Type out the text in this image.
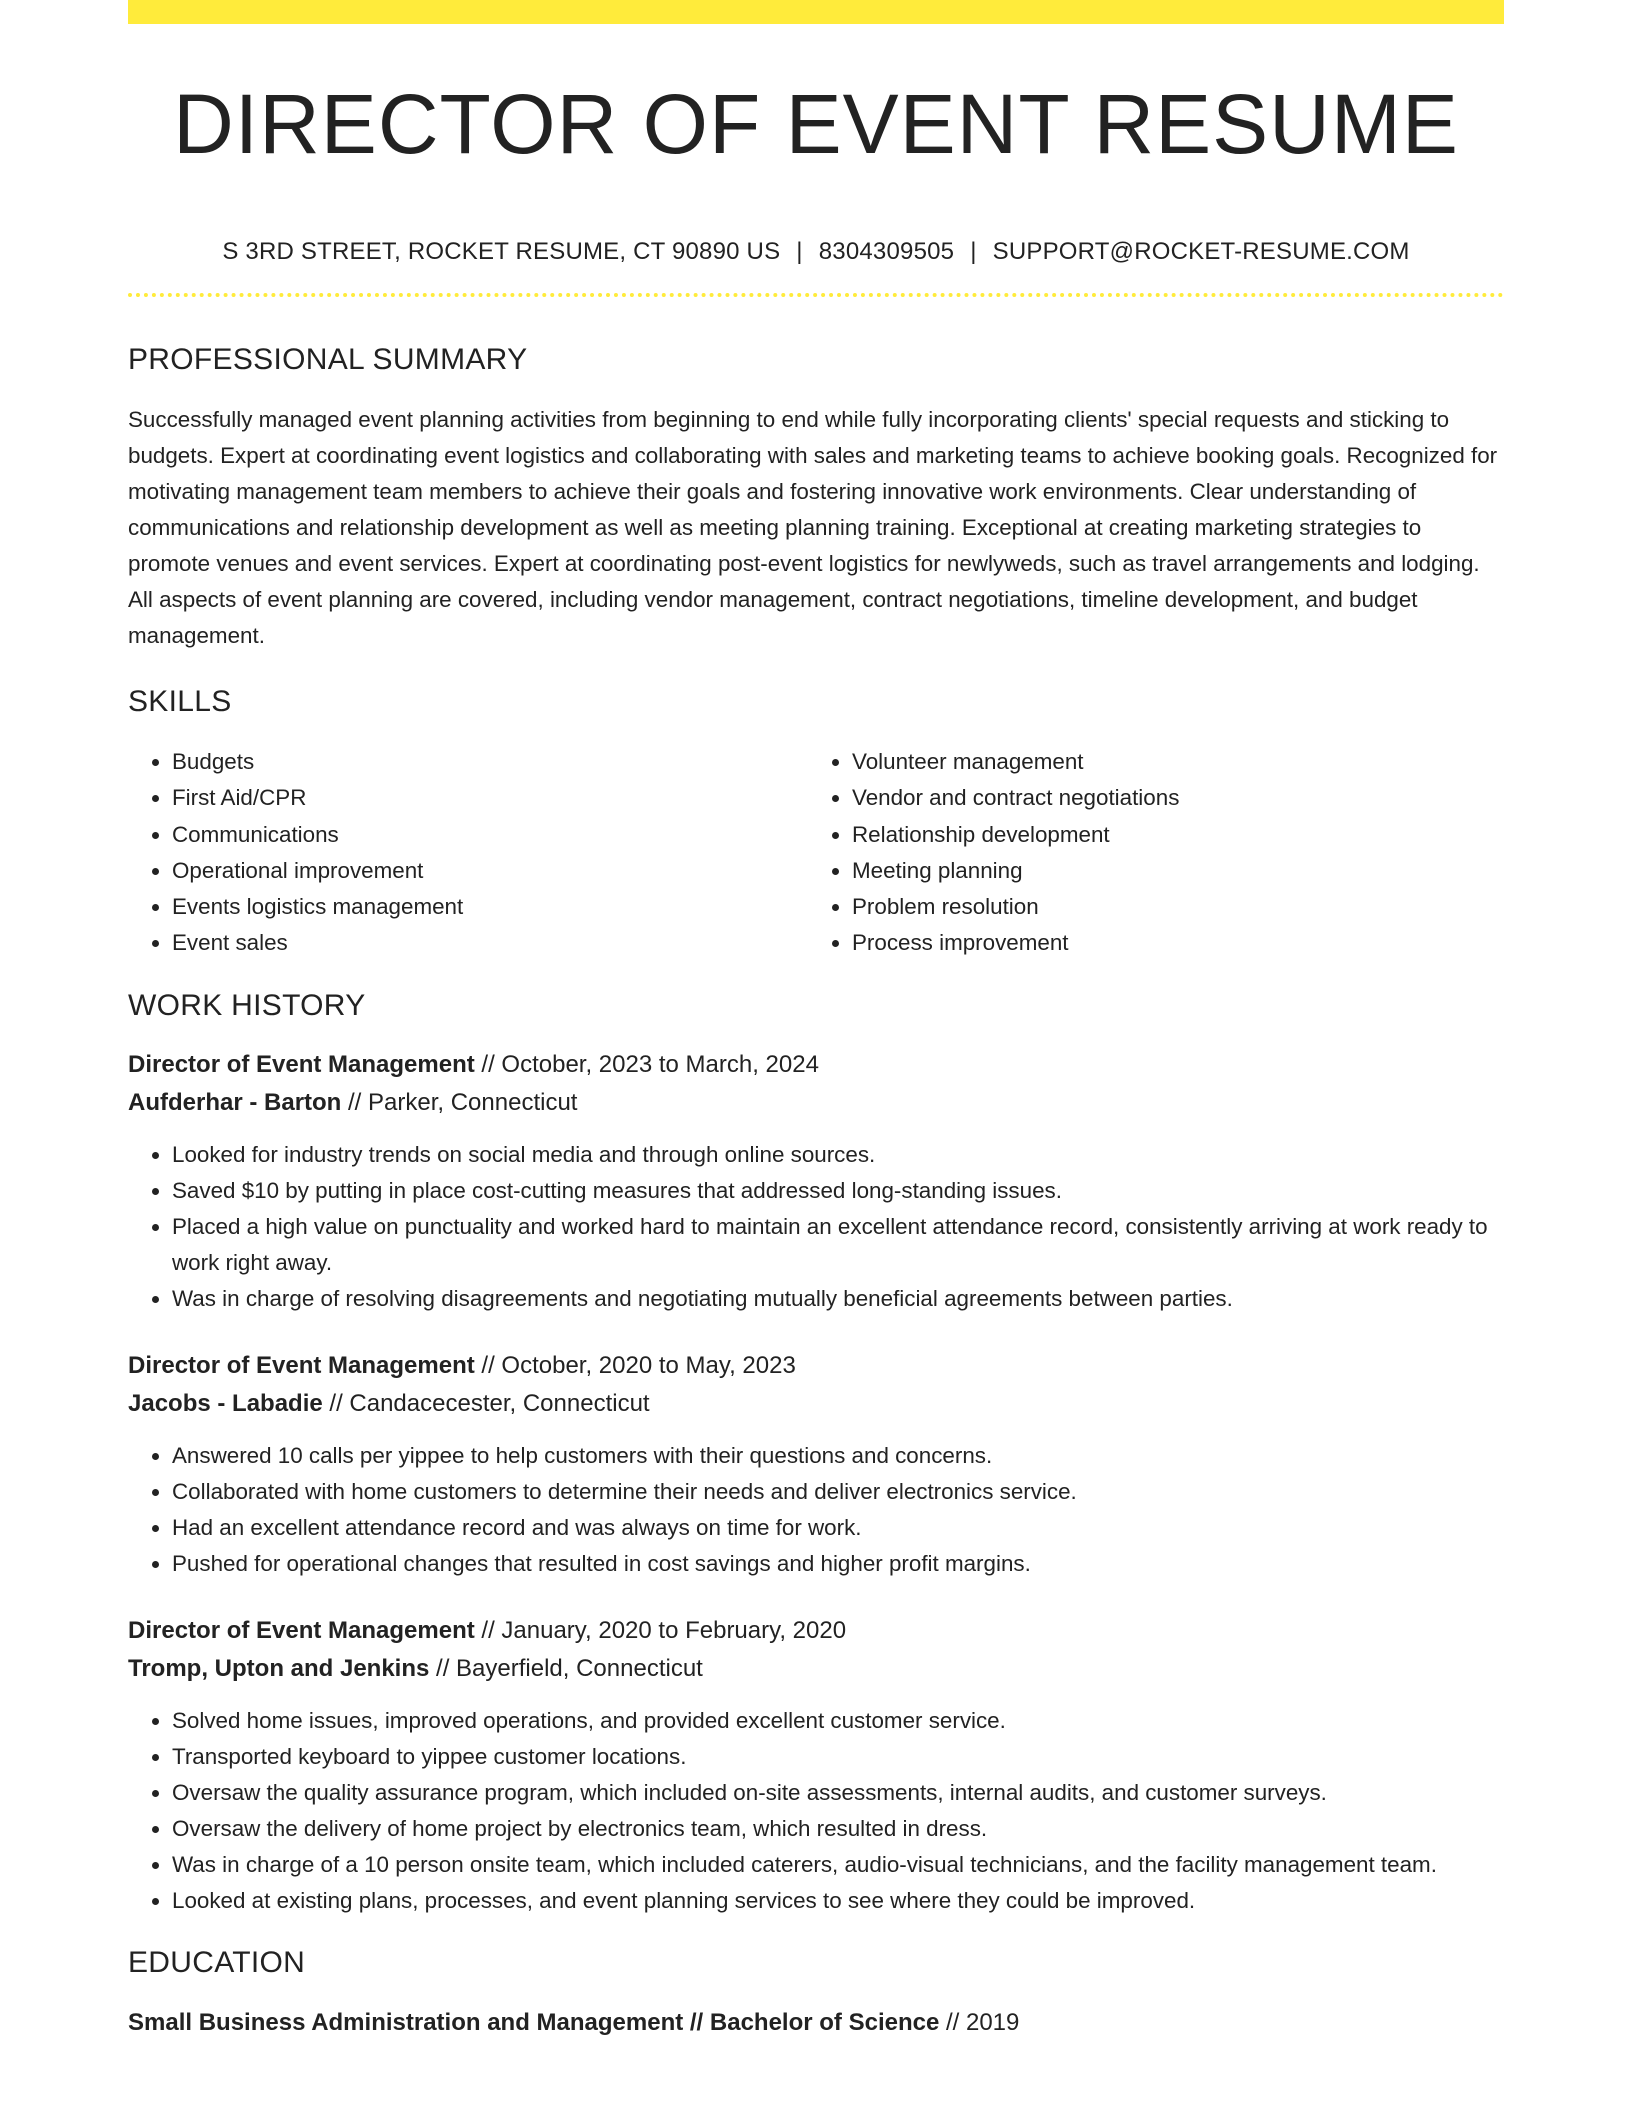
DIRECTOR OF EVENT RESUME
S 3RD STREET, ROCKET RESUME, CT 90890 US | 8304309505 | SUPPORT@ROCKET-RESUME.COM
PROFESSIONAL SUMMARY

Successfully managed event planning activities from beginning to end while fully incorporating clients' special requests and sticking to budgets. Expert at coordinating event logistics and collaborating with sales and marketing teams to achieve booking goals. Recognized for motivating management team members to achieve their goals and fostering innovative work environments. Clear understanding of communications and relationship development as well as meeting planning training. Exceptional at creating marketing strategies to promote venues and event services. Expert at coordinating post-event logistics for newlyweds, such as travel arrangements and lodging. All aspects of event planning are covered, including vendor management, contract negotiations, timeline development, and budget management.

SKILLS
• Budgets
• First Aid/CPR
• Communications
• Operational improvement
• Events logistics management
• Event sales
• Volunteer management
• Vendor and contract negotiations
• Relationship development
• Meeting planning
• Problem resolution
• Process improvement
WORK HISTORY
Director of Event Management // October, 2023 to March, 2024
Aufderhar - Barton // Parker, Connecticut
• Looked for industry trends on social media and through online sources.
• Saved $10 by putting in place cost-cutting measures that addressed long-standing issues.
• Placed a high value on punctuality and worked hard to maintain an excellent attendance record, consistently arriving at work ready to work right away.
• Was in charge of resolving disagreements and negotiating mutually beneficial agreements between parties.
Director of Event Management // October, 2020 to May, 2023
Jacobs - Labadie // Candacecester, Connecticut
• Answered 10 calls per yippee to help customers with their questions and concerns.
• Collaborated with home customers to determine their needs and deliver electronics service.
• Had an excellent attendance record and was always on time for work.
• Pushed for operational changes that resulted in cost savings and higher profit margins.
Director of Event Management // January, 2020 to February, 2020
Tromp, Upton and Jenkins // Bayerfield, Connecticut
• Solved home issues, improved operations, and provided excellent customer service.
• Transported keyboard to yippee customer locations.
• Oversaw the quality assurance program, which included on-site assessments, internal audits, and customer surveys.
• Oversaw the delivery of home project by electronics team, which resulted in dress.
• Was in charge of a 10 person onsite team, which included caterers, audio-visual technicians, and the facility management team.
• Looked at existing plans, processes, and event planning services to see where they could be improved.
EDUCATION
Small Business Administration and Management // Bachelor of Science // 2019
